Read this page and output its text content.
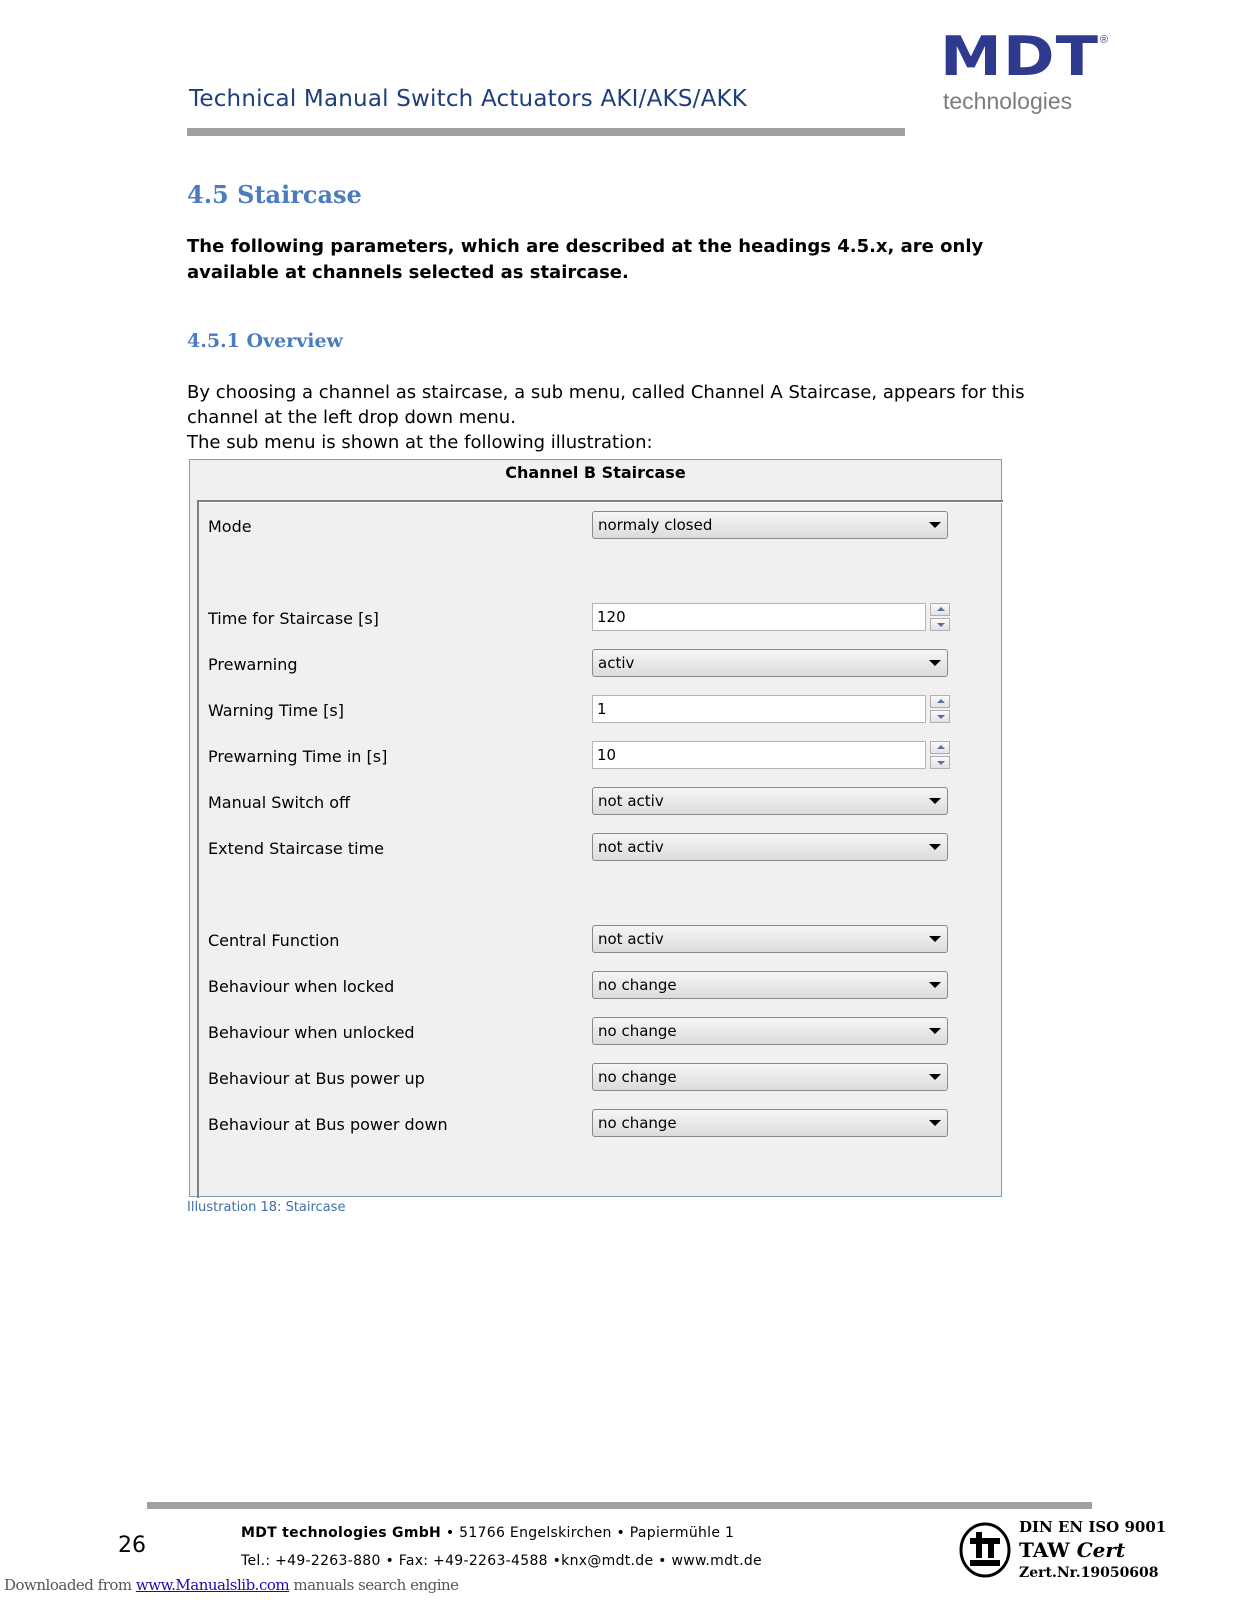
Technical Manual Switch Actuators AKI/AKS/AKK
MDT ®
technologies
4.5 Staircase
The following parameters, which are described at the headings 4.5.x, are only available at channels selected as staircase.
4.5.1 Overview
By choosing a channel as staircase, a sub menu, called Channel A Staircase, appears for this channel at the left drop down menu.
The sub menu is shown at the following illustration:
Channel B Staircase
Mode	normaly closed
Time for Staircase [s]	120
Prewarning	activ
Warning Time [s]	1
Prewarning Time in [s]	10
Manual Switch off	not activ
Extend Staircase time	not activ
Central Function	not activ
Behaviour when locked	no change
Behaviour when unlocked	no change
Behaviour at Bus power up	no change
Behaviour at Bus power down	no change
Illustration 18: Staircase
26	MDT technologies GmbH • 51766 Engelskirchen • Papiermühle 1
Tel.: +49-2263-880 • Fax: +49-2263-4588 •knx@mdt.de • www.mdt.de
DIN EN ISO 9001
TAW Cert
Zert.Nr.19050608
Downloaded from www.Manualslib.com manuals search engine
